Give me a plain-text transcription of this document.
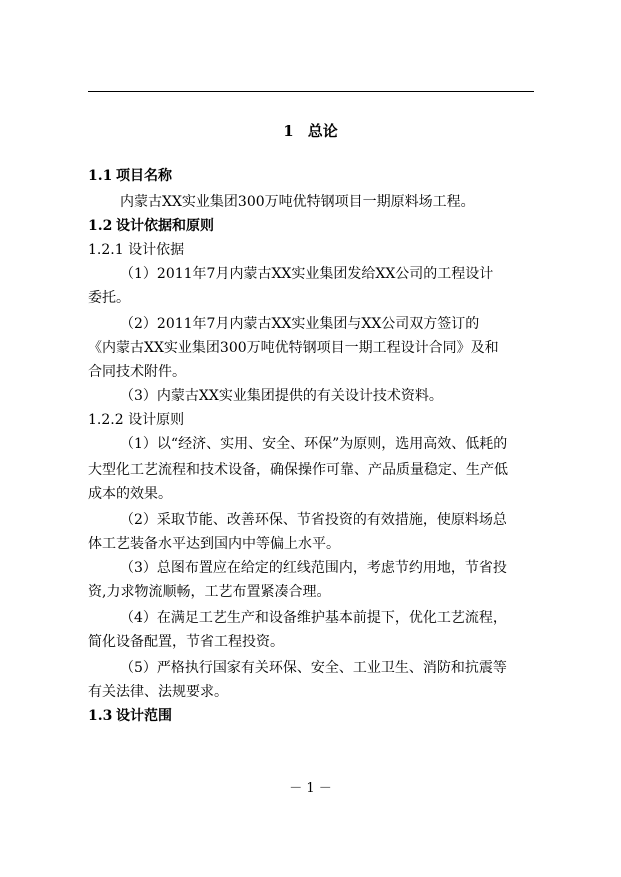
1 总论
1.1 项目名称
内蒙古XX实业集团300万吨优特钢项目一期原料场工程。
1.2 设计依据和原则
1.2.1 设计依据
（1）2011年7月内蒙古XX实业集团发给XX公司的工程设计
委托。
（2）2011年7月内蒙古XX实业集团与XX公司双方签订的
《内蒙古XX实业集团300万吨优特钢项目一期工程设计合同》及和
合同技术附件。
（3）内蒙古XX实业集团提供的有关设计技术资料。
1.2.2 设计原则
（1）以“经济、实用、安全、环保”为原则，选用高效、低耗的
大型化工艺流程和技术设备，确保操作可靠、产品质量稳定、生产低
成本的效果。
（2）采取节能、改善环保、节省投资的有效措施，使原料场总
体工艺装备水平达到国内中等偏上水平。
（3）总图布置应在给定的红线范围内，考虑节约用地，节省投
资,力求物流顺畅，工艺布置紧凑合理。
（4）在满足工艺生产和设备维护基本前提下，优化工艺流程，
简化设备配置，节省工程投资。
（5）严格执行国家有关环保、安全、工业卫生、消防和抗震等
有关法律、法规要求。
1.3 设计范围
－ 1 －
